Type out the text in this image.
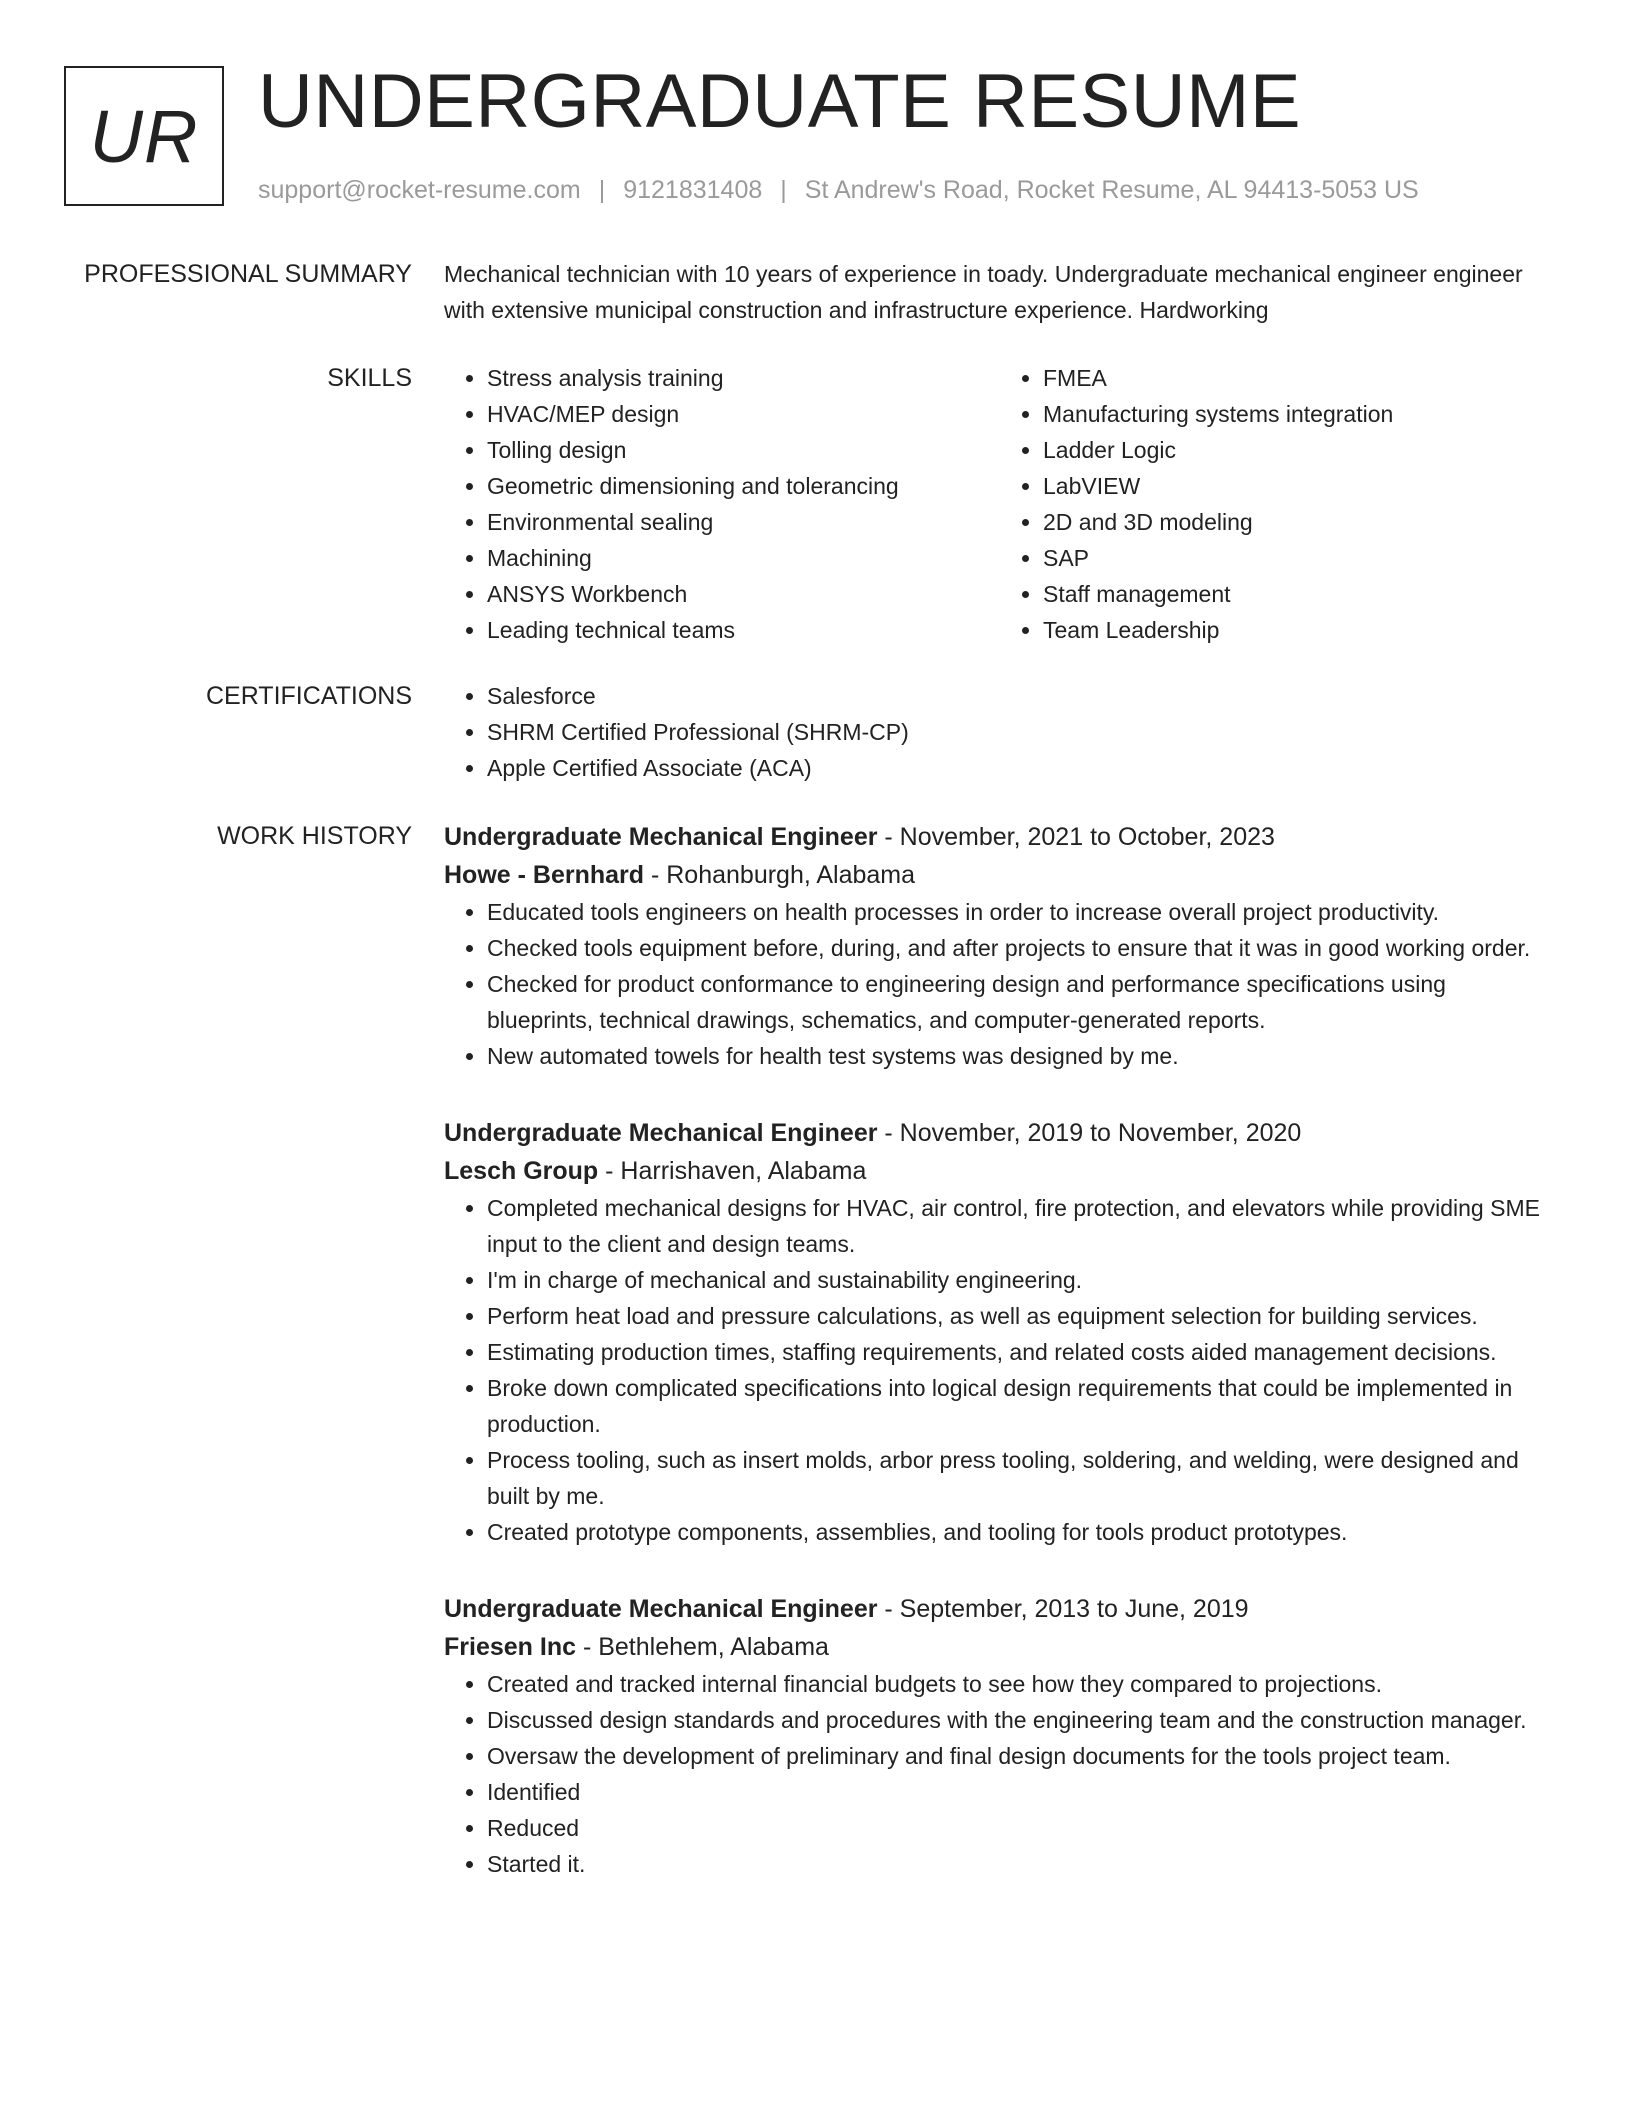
UR UNDERGRADUATE RESUME
support@rocket-resume.com | 9121831408 | St Andrew's Road, Rocket Resume, AL 94413-5053 US
PROFESSIONAL SUMMARY Mechanical technician with 10 years of experience in toady. Undergraduate mechanical engineer engineer with extensive municipal construction and infrastructure experience. Hardworking
SKILLS	• Stress analysis training
• HVAC/MEP design
• Tolling design
• Geometric dimensioning and tolerancing
• Environmental sealing
• Machining
• ANSYS Workbench
• Leading technical teams
• FMEA
• Manufacturing systems integration
• Ladder Logic
• LabVIEW
• 2D and 3D modeling
• SAP
• Staff management
• Team Leadership
CERTIFICATIONS	• Salesforce
• SHRM Certified Professional (SHRM-CP)
• Apple Certified Associate (ACA)
WORK HISTORY Undergraduate Mechanical Engineer - November, 2021 to October, 2023
Howe - Bernhard - Rohanburgh, Alabama
• Educated tools engineers on health processes in order to increase overall project productivity.
• Checked tools equipment before, during, and after projects to ensure that it was in good working order.
• Checked for product conformance to engineering design and performance specifications using blueprints, technical drawings, schematics, and computer-generated reports.
• New automated towels for health test systems was designed by me.
Undergraduate Mechanical Engineer - November, 2019 to November, 2020
Lesch Group - Harrishaven, Alabama
• Completed mechanical designs for HVAC, air control, fire protection, and elevators while providing SME input to the client and design teams.
• I'm in charge of mechanical and sustainability engineering.
• Perform heat load and pressure calculations, as well as equipment selection for building services.
• Estimating production times, staffing requirements, and related costs aided management decisions.
• Broke down complicated specifications into logical design requirements that could be implemented in production.
• Process tooling, such as insert molds, arbor press tooling, soldering, and welding, were designed and built by me.
• Created prototype components, assemblies, and tooling for tools product prototypes.
Undergraduate Mechanical Engineer - September, 2013 to June, 2019
Friesen Inc - Bethlehem, Alabama
• Created and tracked internal financial budgets to see how they compared to projections.
• Discussed design standards and procedures with the engineering team and the construction manager.
• Oversaw the development of preliminary and final design documents for the tools project team.
• Identified
• Reduced
• Started it.
